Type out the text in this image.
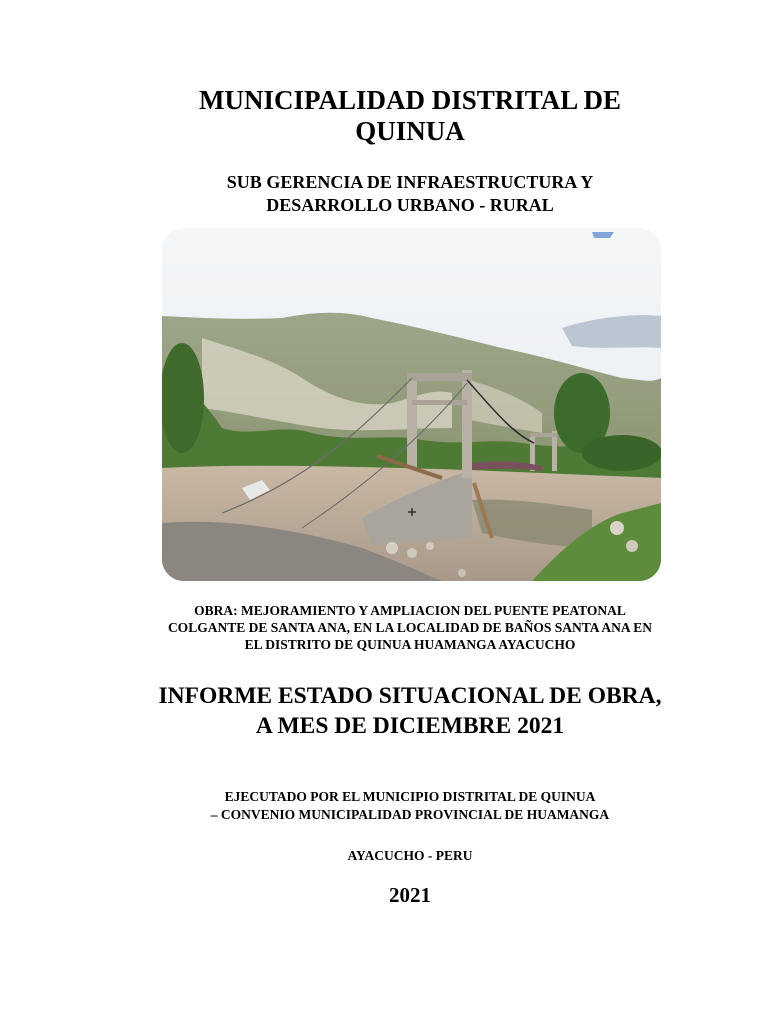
MUNICIPALIDAD DISTRITAL DE
QUINUA
SUB GERENCIA DE INFRAESTRUCTURA Y
DESARROLLO URBANO - RURAL
OBRA: MEJORAMIENTO Y AMPLIACION DEL PUENTE PEATONAL
COLGANTE DE SANTA ANA, EN LA LOCALIDAD DE BAÑOS SANTA ANA EN
EL DISTRITO DE QUINUA HUAMANGA AYACUCHO
INFORME ESTADO SITUACIONAL DE OBRA,
A MES DE DICIEMBRE 2021
EJECUTADO POR EL MUNICIPIO DISTRITAL DE QUINUA
– CONVENIO MUNICIPALIDAD PROVINCIAL DE HUAMANGA
AYACUCHO - PERU
2021
